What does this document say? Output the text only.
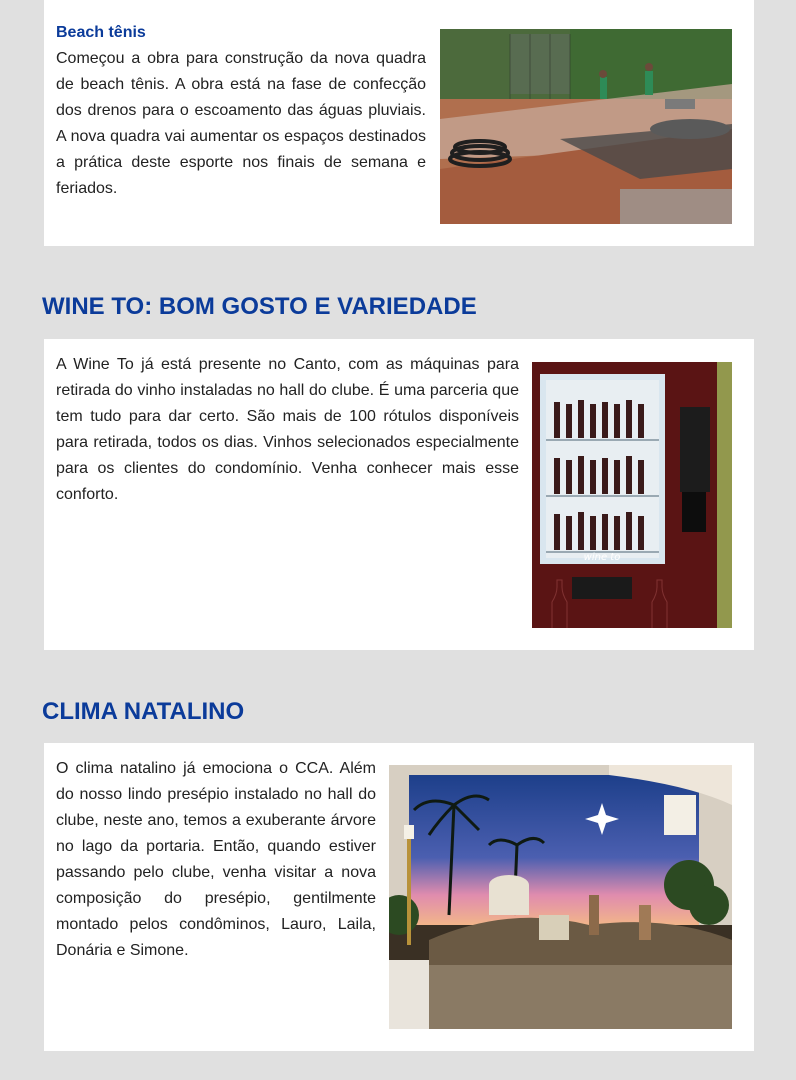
Beach tênis
Começou a obra para construção da nova quadra de beach tênis. A obra está na fase de confecção dos drenos para o escoamento das águas pluviais. A nova quadra vai aumentar os espaços destinados a prática deste esporte nos finais de semana e feriados.
WINE TO: BOM GOSTO E VARIEDADE
A Wine To já está presente no Canto, com as máquinas para retirada do vinho instaladas no hall do clube. É uma parceria que tem tudo para dar certo. São mais de 100 rótulos disponíveis para retirada, todos os dias. Vinhos selecionados especialmente para os clientes do condomínio. Venha conhecer mais esse conforto.
wine to
CLIMA NATALINO
O clima natalino já emociona o CCA. Além do nosso lindo presépio instalado no hall do clube, neste ano, temos a exuberante árvore no lago da portaria. Então, quando estiver passando pelo clube, venha visitar a nova composição do presépio, gentilmente montado pelos condôminos, Lauro, Laila, Donária e Simone.
